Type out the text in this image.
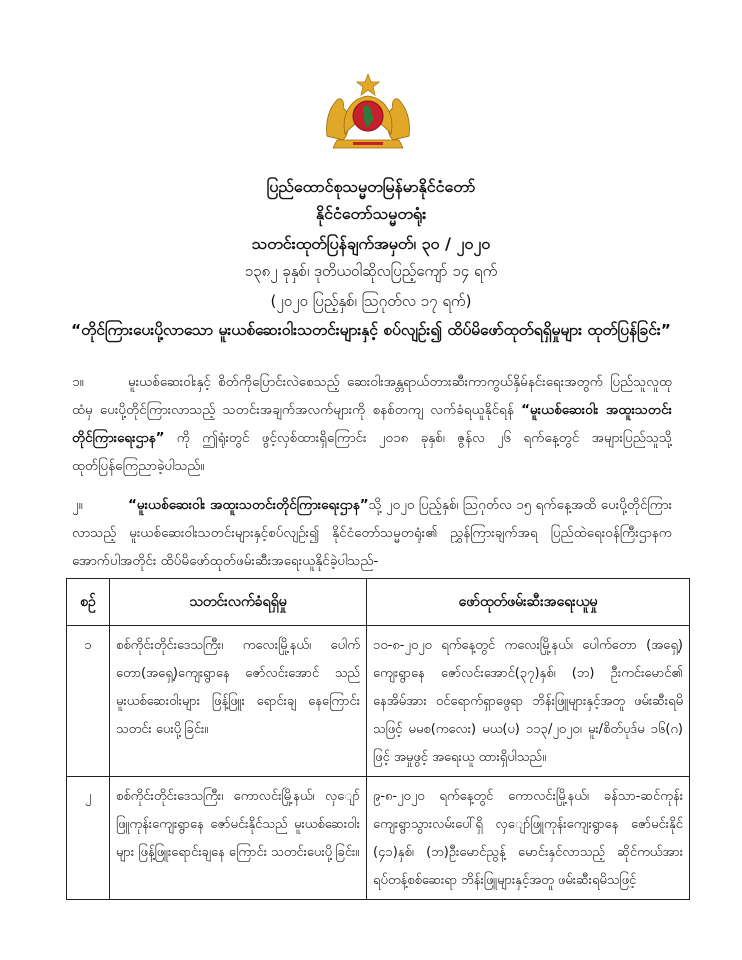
ပြည်ထောင်စုသမ္မတမြန်မာနိုင်ငံတော်
နိုင်ငံတော်သမ္မတရုံး
သတင်းထုတ်ပြန်ချက်အမှတ်၊ ၃၀ / ၂၀၂၀
၁၃၈၂ ခုနှစ်၊ ဒုတိယဝါဆိုလပြည့်ကျော် ၁၄ ရက်
(၂၀၂၀ ပြည့်နှစ်၊ ဩဂုတ်လ ၁၇ ရက်)
“တိုင်ကြားပေးပို့လာသော မူးယစ်ဆေးဝါးသတင်းများနှင့် စပ်လျဉ်း၍ ထိပ်မိဖော်ထုတ်ရရှိမှုများ ထုတ်ပြန်ခြင်း”
၁။	မူးယစ်ဆေးဝါးနှင့် စိတ်ကိုပြောင်းလဲစေသည့် ဆေးဝါးအန္တရာယ်တားဆီးကာကွယ်နှိမ်နင်းရေးအတွက် ပြည်သူလူထုထံမှ ပေးပို့တိုင်ကြားလာသည့် သတင်းအချက်အလက်များကို စနစ်တကျ လက်ခံရယူနိုင်ရန် “မူးယစ်ဆေးဝါး အထူးသတင်းတိုင်ကြားရေးဌာန” ကို ဤရုံးတွင် ဖွင့်လှစ်ထားရှိကြောင်း ၂၀၁၈ ခုနှစ်၊ ဇွန်လ ၂၆ ရက်နေ့တွင် အများပြည်သူသို့ ထုတ်ပြန်ကြေညာခဲ့ပါသည်။
၂။	“မူးယစ်ဆေးဝါး အထူးသတင်းတိုင်ကြားရေးဌာန”သို့ ၂၀၂၀ ပြည့်နှစ်၊ ဩဂုတ်လ ၁၅ ရက်နေ့အထိ ပေးပို့တိုင်ကြားလာသည့် မူးယစ်ဆေးဝါးသတင်းများနှင့်စပ်လျဉ်း၍ နိုင်ငံတော်သမ္မတရုံး၏ ညွှန်ကြားချက်အရ ပြည်ထဲရေးဝန်ကြီးဌာနက အောက်ပါအတိုင်း ထိပ်မိဖော်ထုတ်ဖမ်းဆီးအရေးယူနိုင်ခဲ့ပါသည်-
စဉ်	သတင်းလက်ခံရရှိမှု	ဖော်ထုတ်ဖမ်းဆီးအရေးယူမှု
၁	စစ်ကိုင်းတိုင်းဒေသကြီး၊ ကလေးမြို့နယ်၊ ပေါက်တော(အရှေ့)ကျေးရွာနေ ဇော်လင်းအောင် သည် မူးယစ်ဆေးဝါးများ ဖြန့်ဖြူး ရောင်းချ နေကြောင်း သတင်း ပေးပို့ခြင်း။	၁၀-၈-၂၀၂၀ ရက်နေ့တွင် ကလေးမြို့နယ်၊ ပေါက်တော (အရှေ့) ကျေးရွာနေ ဇော်လင်းအောင်(၃၇)နှစ်၊ (ဘ) ဦးကင်းမောင်၏ နေအိမ်အား ဝင်ရောက်ရှာဖွေရာ ဘိန်းဖြူများနှင့်အတူ ဖမ်းဆီးရမိသဖြင့် မမစ(ကလေး) မယ(ပ) ၁၁၃/၂၀၂၀၊ မူး/စိတ်ပုဒ်မ ၁၆(ဂ) ဖြင့် အမှုဖွင့် အရေးယူ ထားရှိပါသည်။
၂	စစ်ကိုင်းတိုင်းဒေသကြီး၊ ကောလင်းမြို့နယ်၊ လှျော်ဖြူကုန်းကျေးရွာနေ ဇော်မင်းနိုင်သည် မူးယစ်ဆေးဝါးများ ဖြန့်ဖြူးရောင်းချနေ ကြောင်း သတင်းပေးပို့ခြင်း။	၉-၈-၂၀၂၀ ရက်နေ့တွင် ကောလင်းမြို့နယ်၊ ခန်သာ-ဆင်ကုန်း ကျေးရွာသွားလမ်းပေါ်ရှိ လှျော်ဖြူကုန်းကျေးရွာနေ ဇော်မင်းနိုင် (၄၁)နှစ်၊ (ဘ)ဦးမောင်ညွန့် မောင်းနှင်လာသည့် ဆိုင်ကယ်အား ရပ်တန့်စစ်ဆေးရာ ဘိန်းဖြူများနှင့်အတူ ဖမ်းဆီးရမိသဖြင့်
